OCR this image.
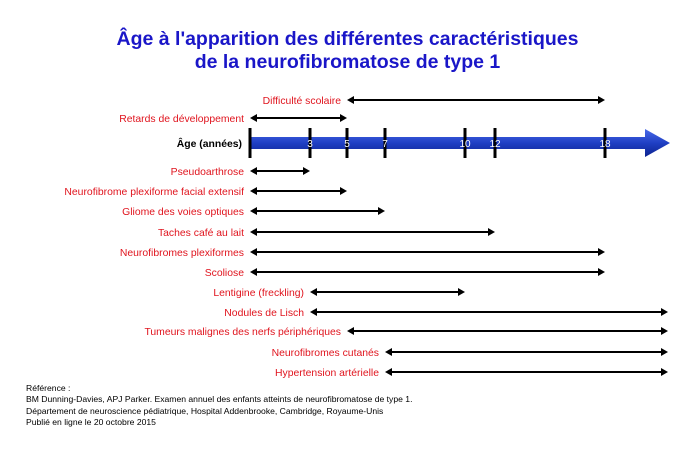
Âge à l'apparition des différentes caractéristiques
de la neurofibromatose de type 1
Âge (années)	3	5	7	10 12	18
Difficulté scolaire
Retards de développement
Pseudoarthrose
Neurofibrome plexiforme facial extensif
Gliome des voies optiques
Taches café au lait
Neurofibromes plexiformes
Scoliose
Lentigine (freckling)
Nodules de Lisch
Tumeurs malignes des nerfs périphériques
Neurofibromes cutanés
Hypertension artérielle
Référence :
BM Dunning-Davies, APJ Parker. Examen annuel des enfants atteints de neurofibromatose de type 1.
Département de neuroscience pédiatrique, Hospital Addenbrooke, Cambridge, Royaume-Unis
Publié en ligne le 20 octobre 2015
